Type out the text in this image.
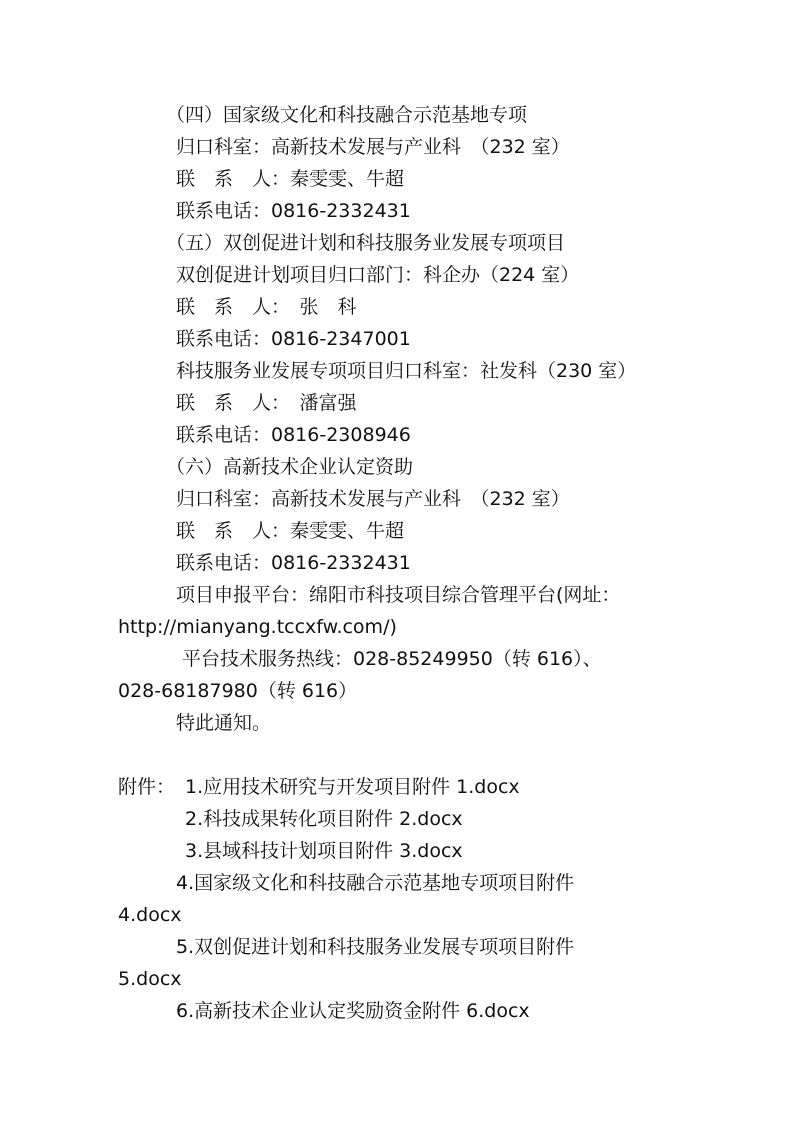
（四）国家级文化和科技融合示范基地专项
归口科室：高新技术发展与产业科　（232 室）
联　系　人：秦雯雯、牛超
联系电话：0816-2332431
（五）双创促进计划和科技服务业发展专项项目
双创促进计划项目归口部门：科企办（224 室）
联　系　人：　张　科
联系电话：0816-2347001
科技服务业发展专项项目归口科室：社发科（230 室）
联　系　人：　潘富强
联系电话：0816-2308946
（六）高新技术企业认定资助
归口科室：高新技术发展与产业科　（232 室）
联　系　人：秦雯雯、牛超
联系电话：0816-2332431
项目申报平台：绵阳市科技项目综合管理平台(网址：
http://mianyang.tccxfw.com/)
平台技术服务热线：028-85249950（转 616）、
028-68187980（转 616）
特此通知。
附件： 1.应用技术研究与开发项目附件 1.docx
2.科技成果转化项目附件 2.docx
3.县域科技计划项目附件 3.docx
4.国家级文化和科技融合示范基地专项项目附件
4.docx
5.双创促进计划和科技服务业发展专项项目附件
5.docx
6.高新技术企业认定奖励资金附件 6.docx
